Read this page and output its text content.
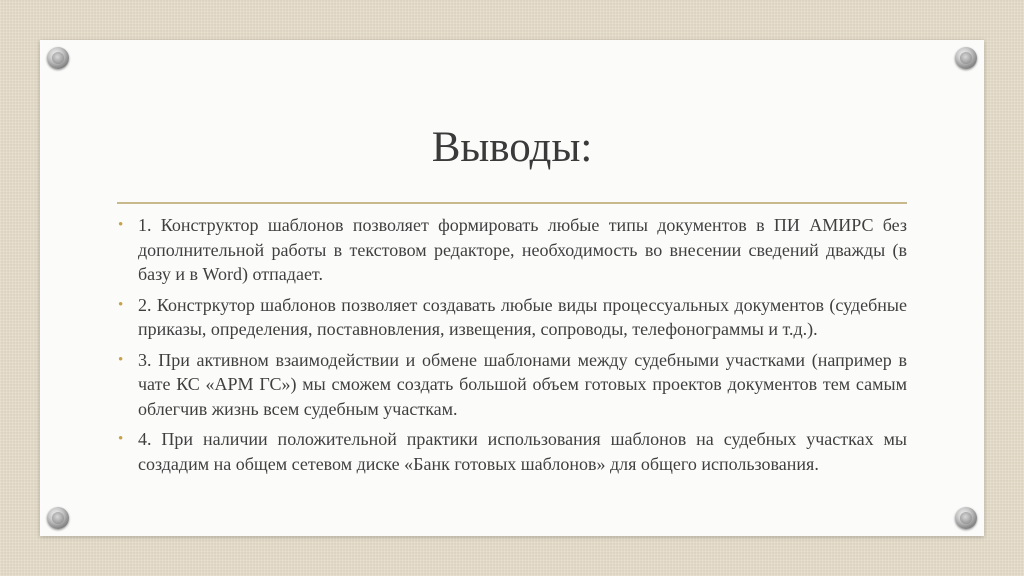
Выводы:
• 1. Конструктор шаблонов позволяет формировать любые типы документов в ПИ АМИРС без дополнительной работы в текстовом редакторе, необходимость во внесении сведений дважды (в базу и в Word) отпадает.
• 2. Констркутор шаблонов позволяет создавать любые виды процессуальных документов (судебные приказы, определения, поставновления, извещения, сопроводы, телефонограммы и т.д.).
• 3. При активном взаимодействии и обмене шаблонами между судебными участками (например в чате КС «АРМ ГС») мы сможем создать большой объем готовых проектов документов тем самым облегчив жизнь всем судебным участкам.
• 4. При наличии положительной практики использования шаблонов на судебных участках мы создадим на общем сетевом диске «Банк готовых шаблонов» для общего использования.
